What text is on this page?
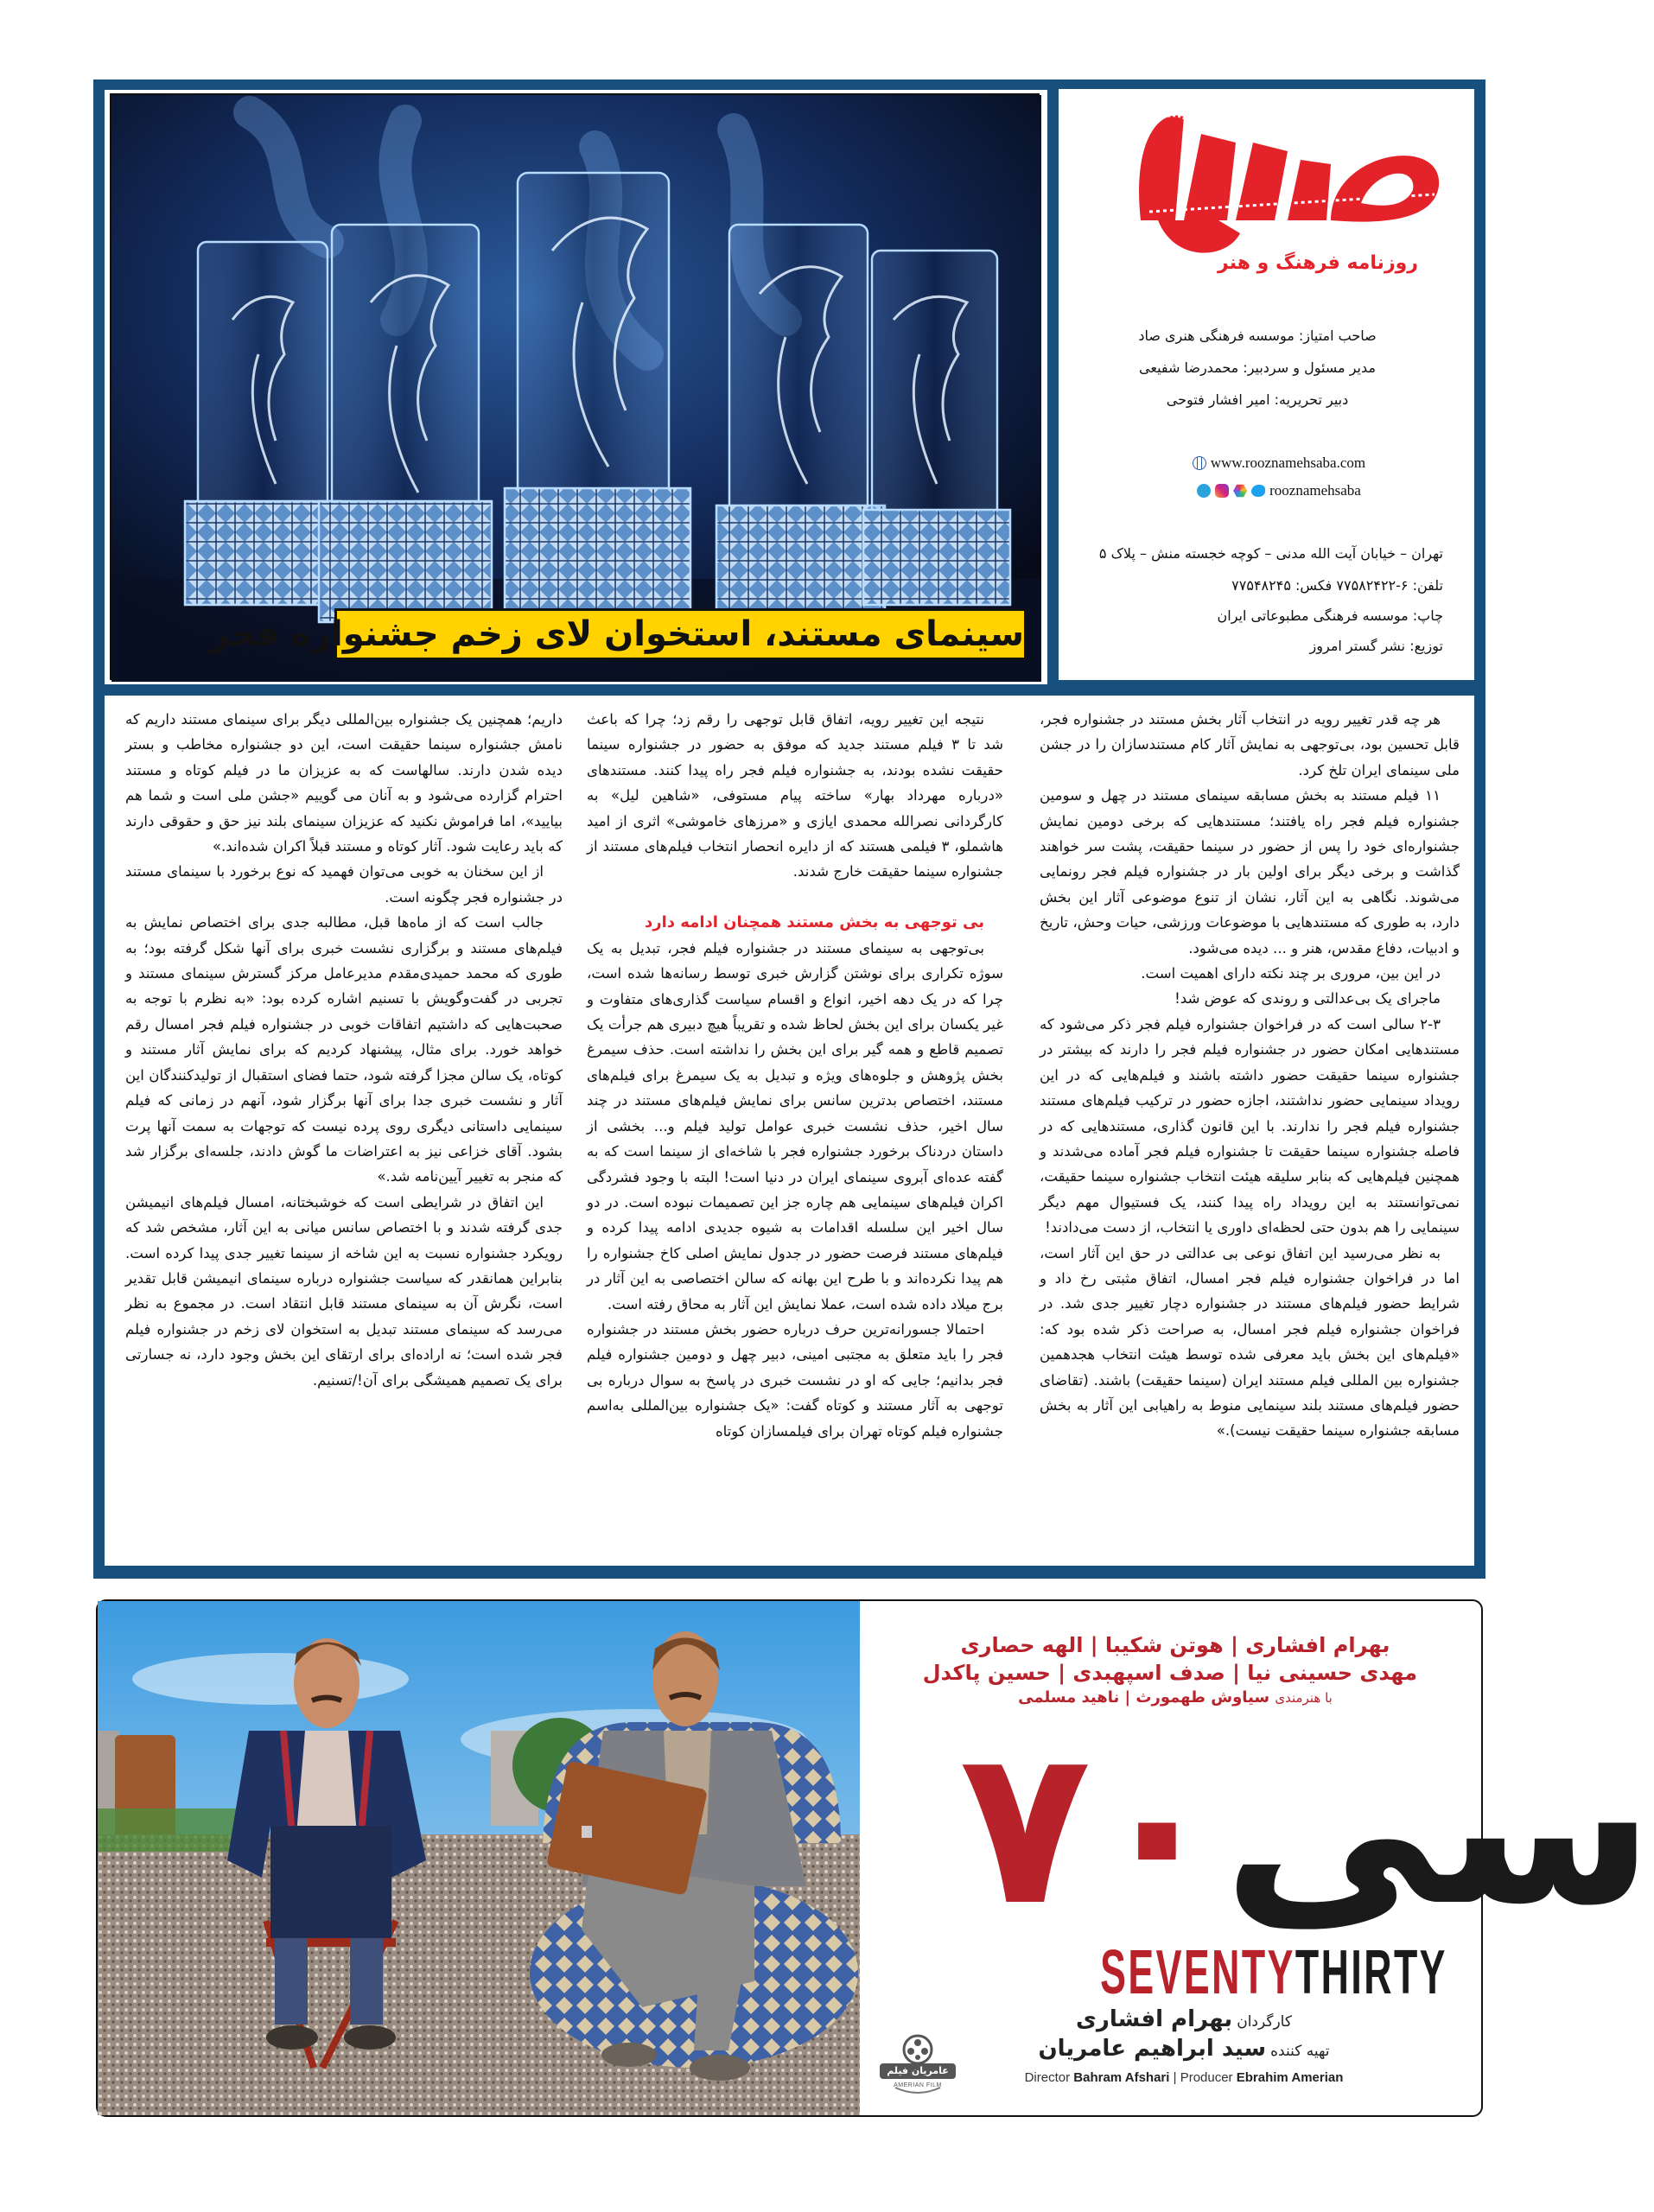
سینمای مستند، استخوان لای زخم جشنواره فجر
روزنامه فرهنگ و هنر
صاحب امتیاز: موسسه فرهنگی هنری صاد
مدیر مسئول و سردبیر: محمدرضا شفیعی
دبیر تحریریه: امیر افشار فتوحی
www.rooznamehsaba.com
rooznamehsaba
تهران – خیابان آیت الله مدنی – کوچه خجسته منش – پلاک ۵
تلفن: ۶-۷۷۵۸۲۴۲۲ فکس: ۷۷۵۴۸۲۴۵
چاپ: موسسه فرهنگی مطبوعاتی ایران
توزیع: نشر گستر امروز

هر چه قدر تغییر رویه در انتخاب آثار بخش مستند در جشنواره فجر، قابل تحسین بود، بی‌توجهی به نمایش آثار کام مستندسازان را در جشن ملی سینمای ایران تلخ کرد.

۱۱ فیلم مستند به بخش مسابقه سینمای مستند در چهل و سومین جشنواره فیلم فجر راه یافتند؛ مستندهایی که برخی دومین نمایش جشنواره‌ای خود را پس از حضور در سینما حقیقت، پشت سر خواهند گذاشت و برخی دیگر برای اولین بار در جشنواره فیلم فجر رونمایی می‌شوند. نگاهی به این آثار، نشان از تنوع موضوعی آثار این بخش دارد، به طوری که مستندهایی با موضوعات ورزشی، حیات وحش، تاریخ و ادبیات، دفاع مقدس، هنر و ... دیده می‌شود.

در این بین، مروری بر چند نکته دارای اهمیت است.

ماجرای یک بی‌عدالتی و روندی که عوض شد!

۲-۳ سالی است که در فراخوان جشنواره فیلم فجر ذکر می‌شود که مستندهایی امکان حضور در جشنواره فیلم فجر را دارند که بیشتر در جشنواره سینما حقیقت حضور داشته باشند و فیلم‌هایی که در این رویداد سینمایی حضور نداشتند، اجازه حضور در ترکیب فیلم‌های مستند جشنواره فیلم فجر را ندارند. با این قانون گذاری، مستندهایی که در فاصله جشنواره سینما حقیقت تا جشنواره فیلم فجر آماده می‌شدند و همچنین فیلم‌هایی که بنابر سلیقه هیئت انتخاب جشنواره سینما حقیقت، نمی‌توانستند به این رویداد راه پیدا کنند، یک فستیوال مهم دیگر سینمایی را هم بدون حتی لحظه‌ای داوری یا انتخاب، از دست می‌دادند!

به نظر می‌رسید این اتفاق نوعی بی عدالتی در حق این آثار است، اما در فراخوان جشنواره فیلم فجر امسال، اتفاق مثبتی رخ داد و شرایط حضور فیلم‌های مستند در جشنواره دچار تغییر جدی شد. در فراخوان جشنواره فیلم فجر امسال، به صراحت ذکر شده بود که: «فیلم‌های این بخش باید معرفی شده توسط هیئت انتخاب هجدهمین جشنواره بین المللی فیلم مستند ایران (سینما حقیقت) باشند. (تقاضای حضور فیلم‌های مستند بلند سینمایی منوط به راهیابی این آثار به بخش مسابقه جشنواره سینما حقیقت نیست).»

نتیجه این تغییر رویه، اتفاق قابل توجهی را رقم زد؛ چرا که باعث شد تا ۳ فیلم مستند جدید که موفق به حضور در جشنواره سینما حقیقت نشده بودند، به جشنواره فیلم فجر راه پیدا کنند. مستندهای «درباره مهرداد بهار» ساخته پیام مستوفی، «شاهین لیل» به کارگردانی نصرالله محمدی ایازی و «مرزهای خاموشی» اثری از امید هاشملو، ۳ فیلمی هستند که از دایره انحصار انتخاب فیلم‌های مستند از جشنواره سینما حقیقت خارج شدند.

بی توجهی به بخش مستند همچنان ادامه دارد

بی‌توجهی به سینمای مستند در جشنواره فیلم فجر، تبدیل به یک سوژه تکراری برای نوشتن گزارش خبری توسط رسانه‌ها شده است، چرا که در یک دهه اخیر، انواع و اقسام سیاست گذاری‌های متفاوت و غیر یکسان برای این بخش لحاظ شده و تقریباً هیچ دبیری هم جرأت یک تصمیم قاطع و همه گیر برای این بخش را نداشته است. حذف سیمرغ بخش پژوهش و جلوه‌های ویژه و تبدیل به یک سیمرغ برای فیلم‌های مستند، اختصاص بدترین سانس برای نمایش فیلم‌های مستند در چند سال اخیر، حذف نشست خبری عوامل تولید فیلم و... بخشی از داستان دردناک برخورد جشنواره فجر با شاخه‌ای از سینما است که به گفته عده‌ای آبروی سینمای ایران در دنیا است! البته با وجود فشردگی اکران فیلم‌های سینمایی هم چاره جز این تصمیمات نبوده است. در دو سال اخیر این سلسله اقدامات به شیوه جدیدی ادامه پیدا کرده و فیلم‌های مستند فرصت حضور در جدول نمایش اصلی کاخ جشنواره را هم پیدا نکرده‌اند و با طرح این بهانه که سالن اختصاصی به این آثار در برج میلاد داده شده است، عملا نمایش این آثار به محاق رفته است.

احتمالا جسورانه‌ترین حرف درباره حضور بخش مستند در جشنواره فجر را باید متعلق به مجتبی امینی، دبیر چهل و دومین جشنواره فیلم فجر بدانیم؛ جایی که او در نشست خبری در پاسخ به سوال درباره بی توجهی به آثار مستند و کوتاه گفت: «یک جشنواره بین‌المللی به‌اسم جشنواره فیلم کوتاه تهران برای فیلمسازان کوتاه

داریم؛ همچنین یک جشنواره بین‌المللی دیگر برای سینمای مستند داریم که نامش جشنواره سینما حقیقت است، این دو جشنواره مخاطب و بستر دیده شدن دارند. سالهاست که به عزیزان ما در فیلم کوتاه و مستند احترام گزارده می‌شود و به آنان می گوییم «جشن ملی است و شما هم بیایید»، اما فراموش نکنید که عزیزان سینمای بلند نیز حق و حقوقی دارند که باید رعایت شود. آثار کوتاه و مستند قبلاً اکران شده‌اند.»

از این سخنان به خوبی می‌توان فهمید که نوع برخورد با سینمای مستند در جشنواره فجر چگونه است.

جالب است که از ماه‌ها قبل، مطالبه جدی برای اختصاص نمایش به فیلم‌های مستند و برگزاری نشست خبری برای آنها شکل گرفته بود؛ به طوری که محمد حمیدی‌مقدم مدیرعامل مرکز گسترش سینمای مستند و تجربی در گفت‌وگویش با تسنیم اشاره کرده بود: «به نظرم با توجه به صحبت‌هایی که داشتیم اتفاقات خوبی در جشنواره فیلم فجر امسال رقم خواهد خورد. برای مثال، پیشنهاد کردیم که برای نمایش آثار مستند و کوتاه، یک سالن مجزا گرفته شود، حتما فضای استقبال از تولیدکنندگان این آثار و نشست خبری جدا برای آنها برگزار شود، آنهم در زمانی که فیلم سینمایی داستانی دیگری روی پرده نیست که توجهات به سمت آنها پرت بشود. آقای خزاعی نیز به اعتراضات ما گوش دادند، جلسه‌ای برگزار شد که منجر به تغییر آیین‌نامه شد.»

این اتفاق در شرایطی است که خوشبختانه، امسال فیلم‌های انیمیشن جدی گرفته شدند و با اختصاص سانس میانی به این آثار، مشخص شد که رویکرد جشنواره نسبت به این شاخه از سینما تغییر جدی پیدا کرده است. بنابراین همانقدر که سیاست جشنواره درباره سینمای انیمیشن قابل تقدیر است، نگرش آن به سینمای مستند قابل انتقاد است. در مجموع به نظر می‌رسد که سینمای مستند تبدیل به استخوان لای زخم در جشنواره فیلم فجر شده است؛ نه اراده‌ای برای ارتقای این بخش وجود دارد، نه جسارتی برای یک تصمیم همیشگی برای آن!/تسنیم.

بهرام افشاری | هوتن شکیبا | الهه حصاری
مهدی حسینی نیا | صدف اسپهبدی | حسین پاکدل
با هنرمندی سیاوش طهمورث | ناهید مسلمی
سی۷۰
SEVENTYTHIRTY
کارگردان بهرام افشاری
تهیه کننده سید ابراهیم عامریان
Director Bahram Afshari | Producer Ebrahim Amerian
عامریان فیلم
AMERIAN FILM
